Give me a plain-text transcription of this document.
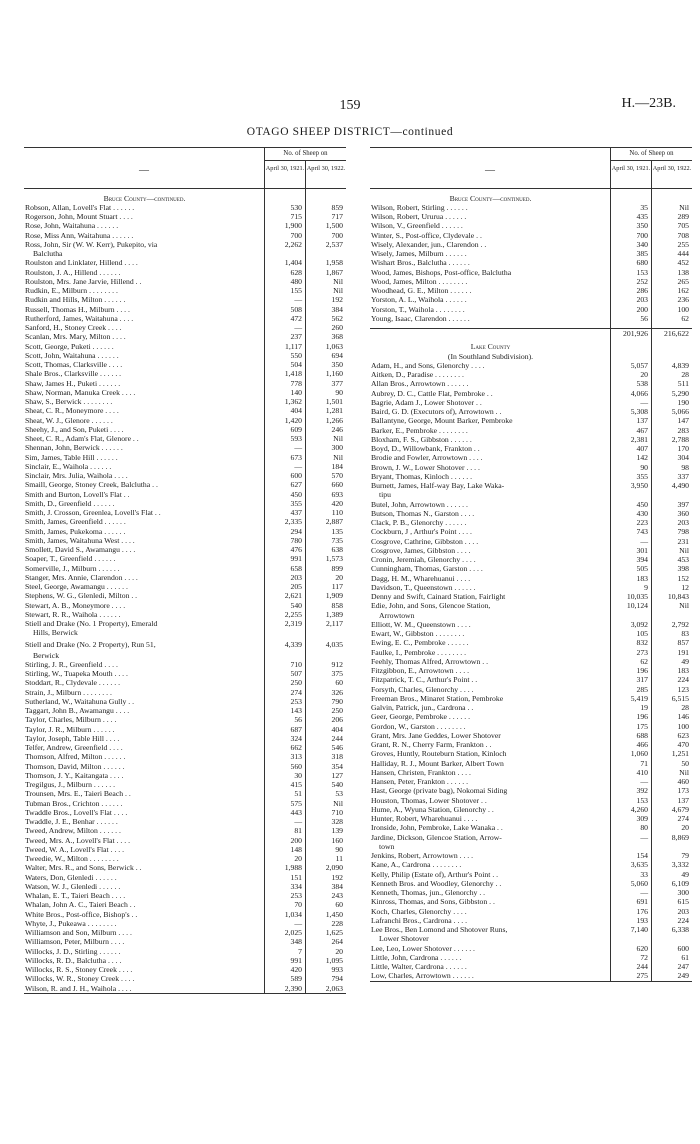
159	H.—23B.
OTAGO SHEEP DISTRICT—continued
—
No. of Sheep on
April 30, 1921. April 30, 1922.
Bruce County—continued.
Robson, Allan, Lovell's Flat . . . . . .	530	859
Rogerson, John, Mount Stuart . . . .	715	717
Rose, John, Waitahuna . . . . . .	1,900	1,500
Rose, Miss Ann, Waitahuna . . . . . .	700	700
Ross, John, Sir (W. W. Kerr), Pukepito, via	2,262	2,537
Balclutha
Roulston and Linklater, Hillend . . . .	1,404	1,958
Roulston, J. A., Hillend . . . . . .	628	1,867
Roulston, Mrs. Jane Jarvie, Hillend . .	480	Nil
Rudkin, E., Milburn . . . . . . . .	155	Nil
Rudkin and Hills, Milton . . . . . .	—	192
Russell, Thomas H., Milburn . . . .	508	384
Rutherford, James, Waitahuna . . . .	472	562
Sanford, H., Stoney Creek . . . .	—	260
Scanlan, Mrs. Mary, Milton . . . .	237	368
Scott, George, Puketi . . . . . .	1,117	1,063
Scott, John, Waitahuna . . . . . .	550	694
Scott, Thomas, Clarksville . . . .	504	350
Shale Bros., Clarksville . . . . . .	1,418	1,160
Shaw, James H., Puketi . . . . . .	778	377
Shaw, Norman, Manuka Creek . . . .	140	90
Shaw, S., Berwick . . . . . . . .	1,362	1,501
Sheat, C. R., Moneymore . . . .	404	1,281
Sheat, W. J., Glenore . . . . . .	1,420	1,266
Sheehy, J., and Son, Puketi . . . .	609	246
Sheet, C. R., Adam's Flat, Glenore . .	593	Nil
Shennan, John, Berwick . . . . . .	—	300
Sim, James, Table Hill . . . . . .	673	Nil
Sinclair, E., Waihola . . . . . .	—	184
Sinclair, Mrs. Julia, Waihola . . . .	600	570
Smaill, George, Stoney Creek, Balclutha . .	627	660
Smith and Burton, Lovell's Flat . .	450	693
Smith, D., Greenfield . . . . . .	355	420
Smith, J. Crosson, Greenlea, Lovell's Flat . .	437	110
Smith, James, Greenfield . . . . . .	2,335	2,887
Smith, James, Pukekoma . . . . . .	294	135
Smith, James, Waitahuna West . . . .	780	735
Smollett, David S., Awamangu . . . .	476	638
Soaper, T., Greenfield . . . . . .	991	1,573
Somerville, J., Milburn . . . . . .	658	899
Stanger, Mrs. Annie, Clarendon . . . .	203	20
Steel, George, Awamangu . . . . . .	205	117
Stephens, W. G., Glenledi, Milton . .	2,621	1,909
Stewart, A. B., Moneymore . . . .	540	858
Stewart, R. R., Waihola . . . . . .	2,255	1,389
Stiell and Drake (No. 1 Property), Emerald	2,319	2,117
Hills, Berwick
Stiell and Drake (No. 2 Property), Run 51,	4,339	4,035
Berwick
Stirling, J. R., Greenfield . . . .	710	912
Stirling, W., Tuapeka Mouth . . . .	507	375
Stoddart, R., Clydevale . . . . . .	250	60
Strain, J., Milburn . . . . . . . .	274	326
Sutherland, W., Waitahuna Gully . .	253	790
Taggart, John B., Awamangu . . . .	143	250
Taylor, Charles, Milburn . . . .	56	206
Taylor, J. R., Milburn . . . . . .	687	404
Taylor, Joseph, Table Hill . . . .	324	244
Telfer, Andrew, Greenfield . . . .	662	546
Thomson, Alfred, Milton . . . . . .	313	318
Thomson, David, Milton . . . . . .	560	354
Thomson, J. Y., Kaitangata . . . .	30	127
Tregilgus, J., Milburn . . . . . .	415	540
Trounsen, Mrs. E., Taieri Beach . .	51	53
Tubman Bros., Crichton . . . . . .	575	Nil
Twaddle Bros., Lovell's Flat . . . .	443	710
Twaddle, J. E., Benhar . . . . . .	—	328
Tweed, Andrew, Milton . . . . . .	81	139
Tweed, Mrs. A., Lovell's Flat . . . .	200	160
Tweed, W. A., Lovell's Flat . . . .	148	90
Tweedie, W., Milton . . . . . . . .	20	11
Walter, Mrs. R., and Sons, Berwick . .	1,988	2,090
Waters, Don, Glenledi . . . . . .	151	192
Watson, W. J., Glenledi . . . . . .	334	384
Whalan, E. T., Taieri Beach . . . .	253	243
Whalan, John A. C., Taieri Beach . .	70	60
White Bros., Post-office, Bishop's . .	1,034	1,450
Whyte, J., Pukeawa . . . . . . . .	—	228
Williamson and Son, Milburn . . . .	2,025	1,625
Williamson, Peter, Milburn . . . .	348	264
Willocks, J. D., Stirling . . . . . .	7	20
Willocks, R. D., Balclutha . . . .	991	1,095
Willocks, R. S., Stoney Creek . . . .	420	993
Willocks, W. R., Stoney Creek . . . .	589	794
Wilson, R. and J. H., Waihola . . . .	2,390	2,063
—
No. of Sheep on
April 30, 1921. April 30, 1922.
Bruce County—continued.
Wilson, Robert, Stirling . . . . . .	35	Nil
Wilson, Robert, Ururua . . . . . .	435	289
Wilson, V., Greenfield . . . . . .	350	705
Winter, S., Post-office, Clydevale . .	700	708
Wisely, Alexander, jun., Clarendon . .	340	255
Wisely, James, Milburn . . . . . .	385	444
Wishart Bros., Balclutha . . . . . .	680	452
Wood, James, Bishops, Post-office, Balclutha	153	138
Wood, James, Milton . . . . . . . .	252	265
Woodhead, G. E., Milton . . . . . .	286	162
Yorston, A. L., Waihola . . . . . .	203	236
Yorston, T., Waihola . . . . . . . .	200	100
Young, Isaac, Clarendon . . . . . .	56	62
201,926	216,622
Lake County
(In Southland Subdivision).
Adam, H., and Sons, Glenorchy . . . .	5,057	4,839
Aitken, D., Paradise . . . . . . . .	20	28
Allan Bros., Arrowtown . . . . . .	538	511
Aubrey, D. C., Cattle Flat, Pembroke . .	4,066	5,290
Bagrie, Adam J., Lower Shotover . .	—	190
Baird, G. D. (Executors of), Arrowtown . .	5,308	5,066
Ballantyne, George, Mount Barker, Pembroke	137	147
Barker, E., Pembroke . . . . . . . .	467	283
Bloxham, F. S., Gibbston . . . . . .	2,381	2,788
Boyd, D., Willowbank, Frankton . .	407	170
Brodie and Fowler, Arrowtown . . . .	142	304
Brown, J. W., Lower Shotover . . . .	90	98
Bryant, Thomas, Kinloch . . . . . .	355	337
Burnett, James, Half-way Bay, Lake Waka-	3,950	4,490
tipu
Butel, John, Arrowtown . . . . . .	450	397
Butson, Thomas N., Garston . . . .	430	360
Clack, P. B., Glenorchy . . . . . .	223	203
Cockburn, J , Arthur's Point . . . .	743	798
Cosgrove, Cathrine, Gibbston . . . .	—	231
Cosgrove, James, Gibbston . . . .	301	Nil
Cronin, Jeremiah, Glenorchy . . . .	394	453
Cunningham, Thomas, Garston . . . .	505	398
Dagg, H. M., Wharehuanui . . . .	183	152
Davidson, T., Queenstown . . . . . .	9	12
Denny and Swift, Cainard Station, Fairlight	10,035	10,843
Edie, John, and Sons, Glencoe Station,	10,124	Nil
Arrowtown
Elliott, W. M., Queenstown . . . .	3,092	2,792
Ewart, W., Gibbston . . . . . . . .	105	83
Ewing, E. C., Pembroke . . . . . .	832	857
Faulke, I., Pembroke . . . . . . . .	273	191
Feehly, Thomas Alfred, Arrowtown . .	62	49
Fitzgibbon, E., Arrowtown . . . .	196	183
Fitzpatrick, T. C., Arthur's Point . .	317	224
Forsyth, Charles, Glenorchy . . . .	285	123
Freeman Bros., Minaret Station, Pembroke	5,419	6,515
Galvin, Patrick, jun., Cardrona . .	19	28
Geer, George, Pembroke . . . . . .	196	146
Gordon, W., Garston . . . . . . . .	175	100
Grant, Mrs. Jane Geddes, Lower Shotover	688	623
Grant, R. N., Cherry Farm, Frankton . .	466	470
Groves, Huntly, Routeburn Station, Kinloch	1,060	1,251
Halliday, R. J., Mount Barker, Albert Town	71	50
Hansen, Christen, Frankton . . . .	410	Nil
Hansen, Peter, Frankton . . . . . .	—	460
Hast, George (private bag), Nokomai Siding	392	173
Houston, Thomas, Lower Shotover . .	153	137
Hume, A., Wyuna Station, Glenorchy . .	4,260	4,679
Hunter, Robert, Wharehuanui . . . .	309	274
Ironside, John, Pembroke, Lake Wanaka . .	80	20
Jardine, Dickson, Glencoe Station, Arrow-	—	8,869
town
Jenkins, Robert, Arrowtown . . . .	154	79
Kane, A., Cardrona . . . . . . . .	3,635	3,332
Kelly, Philip (Estate of), Arthur's Point . .	33	49
Kenneth Bros. and Woodley, Glenorchy . .	5,060	6,109
Kenneth, Thomas, jun., Glenorchy . .	—	300
Kinross, Thomas, and Sons, Gibbston . .	691	615
Koch, Charles, Glenorchy . . . .	176	203
Lafranchi Bros., Cardrona . . . .	193	224
Lee Bros., Ben Lomond and Shotover Runs,	7,140	6,338
Lower Shotover
Lee, Leo, Lower Shotover . . . . . .	620	600
Little, John, Cardrona . . . . . .	72	61
Little, Walter, Cardrona . . . . . .	244	247
Low, Charles, Arrowtown . . . . . .	275	249
